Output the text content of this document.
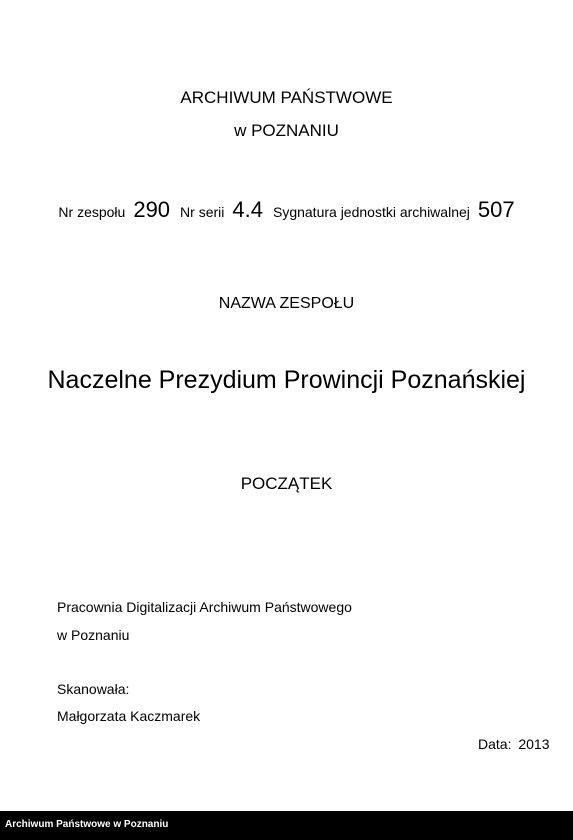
ARCHIWUM PAŃSTWOWE
w POZNANIU
Nr zespołu 290 Nr serii 4.4 Sygnatura jednostki archiwalnej 507
NAZWA ZESPOŁU
Naczelne Prezydium Prowincji Poznańskiej
POCZĄTEK
Pracownia Digitalizacji Archiwum Państwowego
w Poznaniu
Skanowała:
Małgorzata Kaczmarek
Data: 2013
Archiwum Państwowe w Poznaniu
